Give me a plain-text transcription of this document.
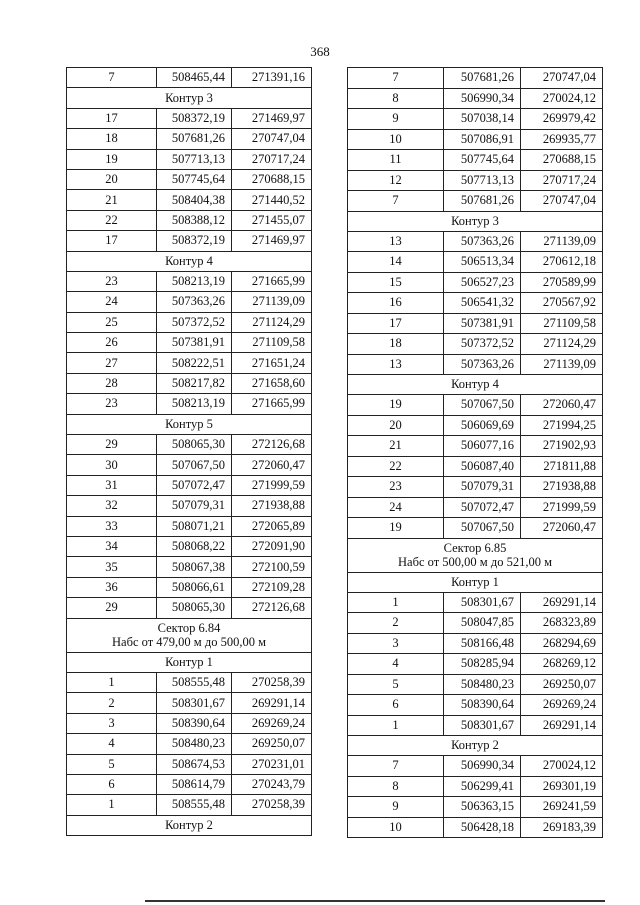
368
7	508465,44	271391,16
Контур 3		
17	508372,19	271469,97
18	507681,26	270747,04
19	507713,13	270717,24
20	507745,64	270688,15
21	508404,38	271440,52
22	508388,12	271455,07
17	508372,19	271469,97
Контур 4		
23	508213,19	271665,99
24	507363,26	271139,09
25	507372,52	271124,29
26	507381,91	271109,58
27	508222,51	271651,24
28	508217,82	271658,60
23	508213,19	271665,99
Контур 5		
29	508065,30	272126,68
30	507067,50	272060,47
31	507072,47	271999,59
32	507079,31	271938,88
33	508071,21	272065,89
34	508068,22	272091,90
35	508067,38	272100,59
36	508066,61	272109,28
29	508065,30	272126,68

Сектор 6.84
Набс от 479,00 м до 500,00 м		

Контур 1		
1	508555,48	270258,39
2	508301,67	269291,14
3	508390,64	269269,24
4	508480,23	269250,07
5	508674,53	270231,01
6	508614,79	270243,79
1	508555,48	270258,39
Контур 2		
7	507681,26	270747,04
8	506990,34	270024,12
9	507038,14	269979,42
10	507086,91	269935,77
11	507745,64	270688,15
12	507713,13	270717,24
7	507681,26	270747,04
Контур 3		
13	507363,26	271139,09
14	506513,34	270612,18
15	506527,23	270589,99
16	506541,32	270567,92
17	507381,91	271109,58
18	507372,52	271124,29
13	507363,26	271139,09
Контур 4		
19	507067,50	272060,47
20	506069,69	271994,25
21	506077,16	271902,93
22	506087,40	271811,88
23	507079,31	271938,88
24	507072,47	271999,59
19	507067,50	272060,47

Сектор 6.85
Набс от 500,00 м до 521,00 м		

Контур 1		
1	508301,67	269291,14
2	508047,85	268323,89
3	508166,48	268294,69
4	508285,94	268269,12
5	508480,23	269250,07
6	508390,64	269269,24
1	508301,67	269291,14
Контур 2		
7	506990,34	270024,12
8	506299,41	269301,19
9	506363,15	269241,59
10	506428,18	269183,39
